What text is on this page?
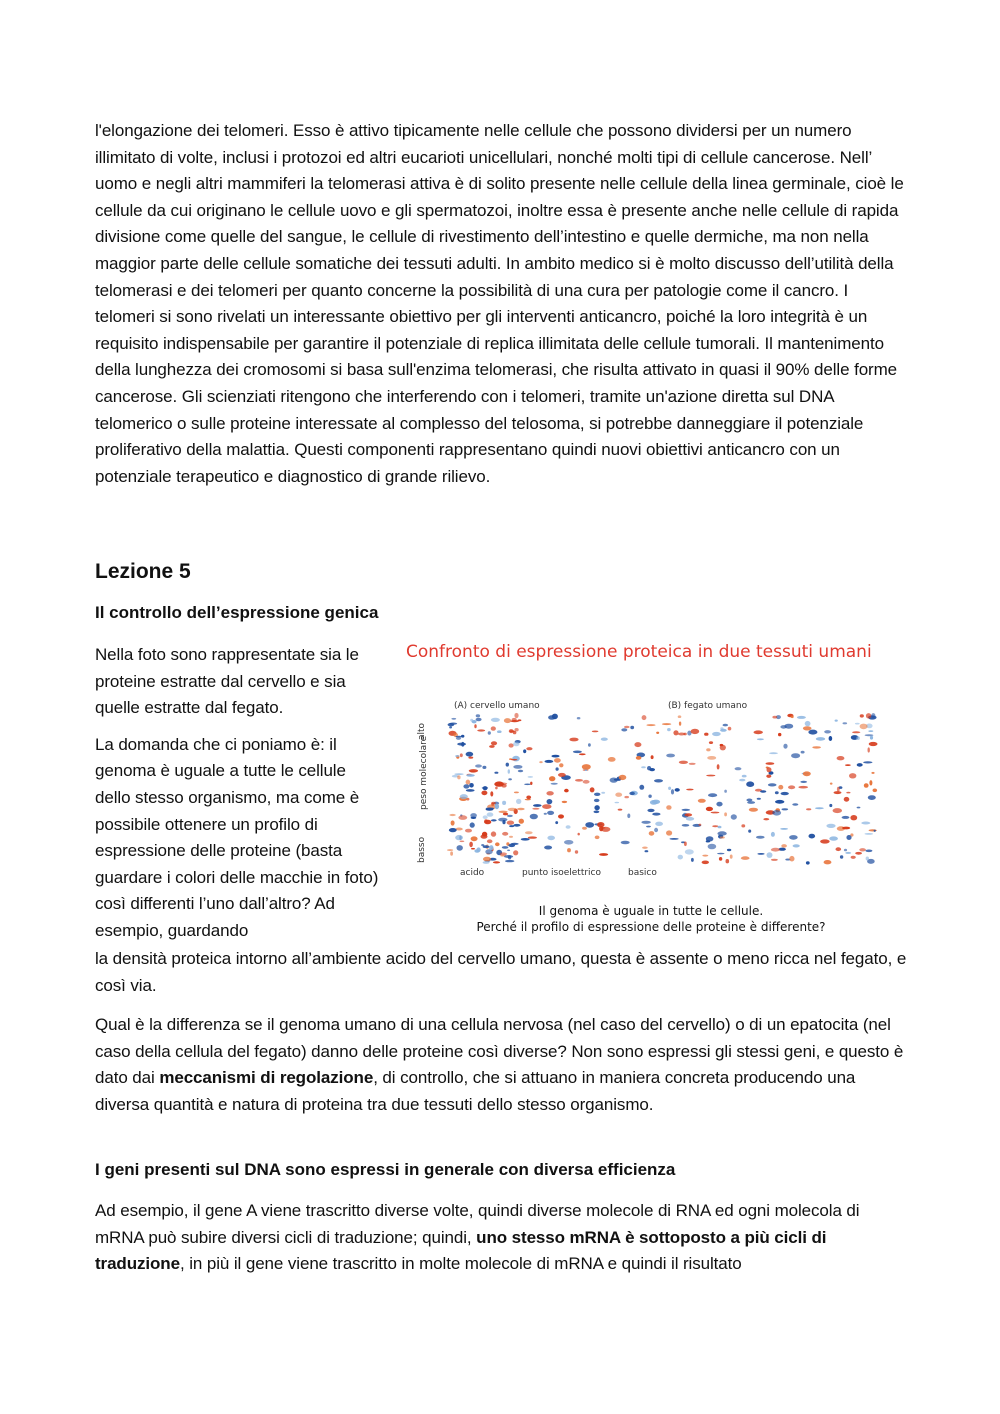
l'elongazione dei telomeri. Esso è attivo tipicamente nelle cellule che possono dividersi per un numero illimitato di volte, inclusi i protozoi ed altri eucarioti unicellulari, nonché molti tipi di cellule cancerose. Nell’ uomo e negli altri mammiferi la telomerasi attiva è di solito presente nelle cellule della linea germinale, cioè le cellule da cui originano le cellule uovo e gli spermatozoi, inoltre essa è presente anche nelle cellule di rapida divisione come quelle del sangue, le cellule di rivestimento dell’intestino e quelle dermiche, ma non nella maggior parte delle cellule somatiche dei tessuti adulti. In ambito medico si è molto discusso dell’utilità della telomerasi e dei telomeri per quanto concerne la possibilità di una cura per patologie come il cancro. I telomeri si sono rivelati un interessante obiettivo per gli interventi anticancro, poiché la loro integrità è un requisito indispensabile per garantire il potenziale di replica illimitata delle cellule tumorali. Il mantenimento della lunghezza dei cromosomi si basa sull'enzima telomerasi, che risulta attivato in quasi il 90% delle forme cancerose. Gli scienziati ritengono che interferendo con i telomeri, tramite un'azione diretta sul DNA telomerico o sulle proteine interessate al complesso del telosoma, si potrebbe danneggiare il potenziale proliferativo della malattia. Questi componenti rappresentano quindi nuovi obiettivi anticancro con un potenziale terapeutico e diagnostico di grande rilievo.

Lezione 5

Il controllo dell’espressione genica

Nella foto sono rappresentate sia le proteine estratte dal cervello e sia quelle estratte dal fegato.

La domanda che ci poniamo è: il genoma è uguale a tutte le cellule dello stesso organismo, ma come è possibile ottenere un profilo di espressione delle proteine (basta guardare i colori delle macchie in foto) così differenti l’uno dall’altro? Ad esempio, guardando

la densità proteica intorno all’ambiente acido del cervello umano, questa è assente o meno ricca nel fegato, e così via.

Qual è la differenza se il genoma umano di una cellula nervosa (nel caso del cervello) o di un epatocita (nel caso della cellula del fegato) danno delle proteine così diverse? Non sono espressi gli stessi geni, e questo è dato dai meccanismi di regolazione, di controllo, che si attuano in maniera concreta producendo una diversa quantità e natura di proteina tra due tessuti dello stesso organismo.

I geni presenti sul DNA sono espressi in generale con diversa efficienza

Ad esempio, il gene A viene trascritto diverse volte, quindi diverse molecole di RNA ed ogni molecola di mRNA può subire diversi cicli di traduzione; quindi, uno stesso mRNA è sottoposto a più cicli di traduzione, in più il gene viene trascritto in molte molecole di mRNA e quindi il risultato

Confronto di espressione proteica in due tessuti umani
(A) cervello umano	(B) fegato umano
alto
peso molecolare
basso
acido	punto isoelettrico	basico
Il genoma è uguale in tutte le cellule.
Perché il profilo di espressione delle proteine è differente?
